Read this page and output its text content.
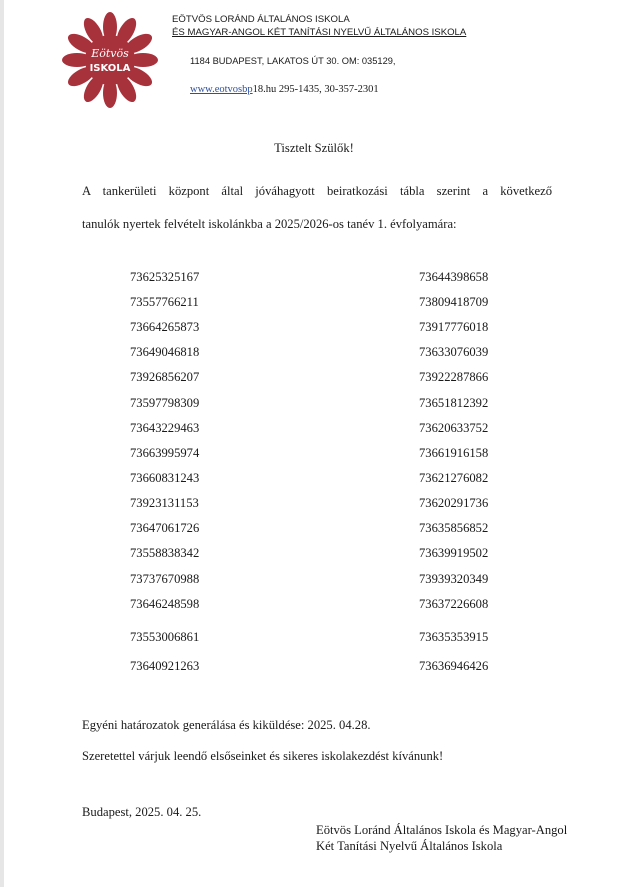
Eötvös
ISKOLA
EÖTVÖS LORÁND ÁLTALÁNOS ISKOLA
ÉS MAGYAR-ANGOL KÉT TANÍTÁSI NYELVŰ ÁLTALÁNOS ISKOLA
1184 BUDAPEST, LAKATOS ÚT 30. OM: 035129,
www.eotvosbp18.hu 295-1435, 30-357-2301
Tisztelt Szülők!
A tankerületi központ által jóváhagyott beiratkozási tábla szerint a következő
tanulók nyertek felvételt iskolánkba a 2025/2026-os tanév 1. évfolyamára:
73625325167
73557766211
73664265873
73649046818
73926856207
73597798309
73643229463
73663995974
73660831243
73923131153
73647061726
73558838342
73737670988
73646248598
73553006861
73640921263
73644398658
73809418709
73917776018
73633076039
73922287866
73651812392
73620633752
73661916158
73621276082
73620291736
73635856852
73639919502
73939320349
73637226608
73635353915
73636946426
Egyéni határozatok generálása és kiküldése: 2025. 04.28.
Szeretettel várjuk leendő elsőseinket és sikeres iskolakezdést kívánunk!
Budapest, 2025. 04. 25.
Eötvös Loránd Általános Iskola és Magyar-Angol
Két Tanítási Nyelvű Általános Iskola
